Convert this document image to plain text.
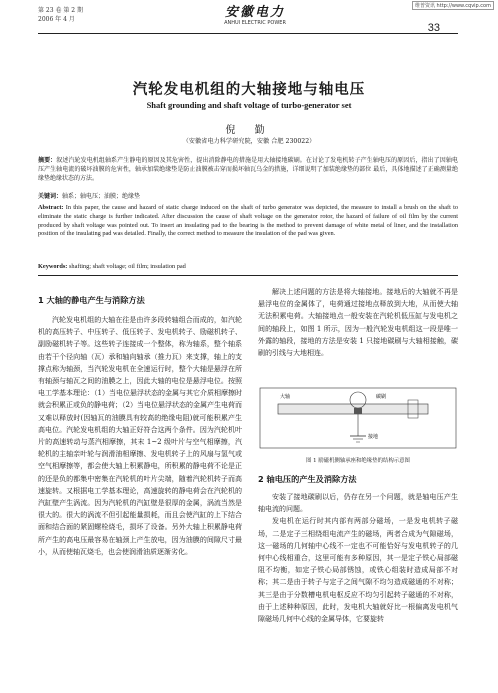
第 23 卷 第 2 期
2006 年 4 月	安徽电力
ANHUI ELECTRIC POWER	33
维普资讯 http://www.cqvip.com
汽轮发电机组的大轴接地与轴电压
Shaft grounding and shaft voltage of turbo-generator set
倪 勤
（安徽省电力科学研究院，安徽 合肥 230022）
摘要：叙述汽轮发电机组轴系产生静电的原因及其危害性，提出消除静电的措施是用大轴接地碳刷。在讨论了发电机转子产生轴电压的原因后，指出了因轴电压产生轴电流的破坏油膜的危害性，轴承加装绝缘垫是防止油膜被击穿而损坏轴瓦乌金的措施，详细说明了加装绝缘垫的部位 最后，具体地描述了正确测量绝缘垫绝缘状态的方法。
关键词：轴系；轴电压；油膜；绝缘垫
Abstract: In this paper, the cause and hazard of static charge induced on the shaft of turbo generator was depicted, the measure to install a brush on the shaft to eliminate the static charge is further indicated. After discussion the cause of shaft voltage on the generator rotor, the hazard of failure of oil film by the current produced by shaft voltage was pointed out. To insert an insulating pad to the bearing is the method to prevent damage of white metal of liner, and the installation position of the insulating pad was detailed. Finally, the correct method to measure the insulation of the pad was given.
Keywords: shafting; shaft voltage; oil film; insulation pad
1 大轴的静电产生与消除方法

汽轮发电机组的大轴在往是由许多段转轴组合而成的，如汽轮机的高压转子、中压转子、低压转子、发电机转子、励磁机转子、副励磁机转子等。这些转子连接成一个整体，称为轴系，整个轴系由若干个径向轴（瓦）承和轴向轴承（推力瓦）来支撑，轴上的支撑点称为轴颈，当汽轮发电机在全速运行时，整个大轴是悬浮在所有轴颈与轴瓦之间的油膜之上，因此大轴的电位是悬浮电位。按照电工学基本理论：（1）当电位悬浮状态的金属与其它介质相摩擦时就会积累正或负的静电荷；（2）当电位悬浮状态的金属产生电荷而又难以释放时(因轴瓦的油膜具有较高的绝缘电阻)就可能积累产生高电位。汽轮发电机组的大轴正好符合这两个条件。因为汽轮机叶片的高速转动与蒸汽相摩擦，其末 1~2 级叶片与空气相摩擦，汽轮机的主轴亲叶轮与润滑油相摩擦、发电机转子上的风扇与氢气或空气相摩擦等，都会使大轴上积累静电，所积累的静电荷不论是正的还是负的都集中密集在汽轮机的叶片尖端，随着汽轮机转子而高速旋转。又根据电工学基本理论，高速旋转的静电荷会在汽轮机的汽缸壁产生涡流。因为汽轮机的汽缸壁是很厚的金属，涡流当然是很大的。很大的涡流不但引起能量损耗，而且会使汽缸的上下结合面和结合面的紧固螺栓烧毛，损坏了设备。另外大轴上积累静电荷所产生的高电压最容易在轴颈上产生放电，因为油膜的间隙尺寸最小，从而使轴瓦烧毛，也会使润滑油质逐渐劣化。

解决上述问题的方法是将大轴接地。接地后的大轴就不再是悬浮电位的金属体了，电荷通过接地点释放到大地，从而使大轴无法积累电荷。大轴接地点一般安装在汽轮机低压缸与发电机之间的轴段上，如图 1 所示，因为一般汽轮发电机组这一段是唯一外露的轴段，接地的方法是安装 1 只接地碳刷与大轴相接触，碳刷的引线与大地相连。

大轴	碳刷
接地
图 1 励磁机侧轴承座和绝缘垫的结构示意图
2 轴电压的产生及消除方法

安装了接地碳刷以后，仍存在另一个问题，就是轴电压产生轴电流的问题。

发电机在运行时其内部有两部分磁场，一是发电机转子磁场，二是定子三相绕组电流产生的磁场，两者合成为气隙磁场，这一磁场的几何轴中心线不一定也不可能恰好与发电机转子的几何中心线相重合，这里可能有多种原因，其一是定子铁心局部磁阻不均衡，如定子铁心局部锈蚀，或铁心组装时造成局部不对称；其二是由于转子与定子之间气隙不均匀造成磁通的不对称；其三是由于分数槽电机电枢反应不均匀引起转子磁通的不对称，由于上述种种原因，此时，发电机大轴就好比一根偏离发电机气隙磁场几何中心线的金属导体，它要旋转
